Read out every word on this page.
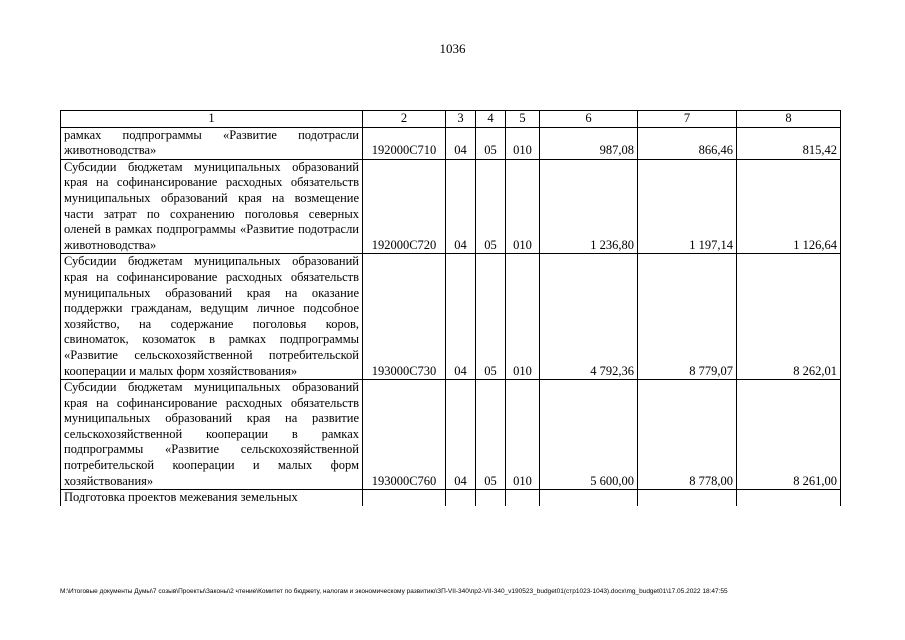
1036
1	2	3	4	5	6	7	8
рамках подпрограммы «Развитие подотрасли животноводства»	192000С710	04	05	010	987,08	866,46	815,42
Субсидии бюджетам муниципальных образований края на софинансирование расходных обязательств муниципальных образований края на возмещение части затрат по сохранению поголовья северных оленей в рамках подпрограммы «Развитие подотрасли животноводства»	192000С720	04	05	010	1 236,80	1 197,14	1 126,64
Субсидии бюджетам муниципальных образований края на софинансирование расходных обязательств муниципальных образований края на оказание поддержки гражданам, ведущим личное подсобное хозяйство, на содержание поголовья коров, свиноматок, козоматок в рамках подпрограммы «Развитие сельскохозяйственной потребительской кооперации и малых форм хозяйствования»	193000С730	04	05	010	4 792,36	8 779,07	8 262,01
Субсидии бюджетам муниципальных образований края на софинансирование расходных обязательств муниципальных образований края на развитие сельскохозяйственной кооперации в рамках подпрограммы «Развитие сельскохозяйственной потребительской кооперации и малых форм хозяйствования»	193000С760	04	05	010	5 600,00	8 778,00	8 261,00
Подготовка проектов межевания земельных							
M:\Итоговые документы Думы\7 созыв\Проекты\Законы\2 чтение\Комитет по бюджету, налогам и экономическому развитию\ЗП-VII-340\пр2-VII-340_v190523_budget01(стр1023-1043).docx\mg_budget01\17.05.2022 18:47:55
